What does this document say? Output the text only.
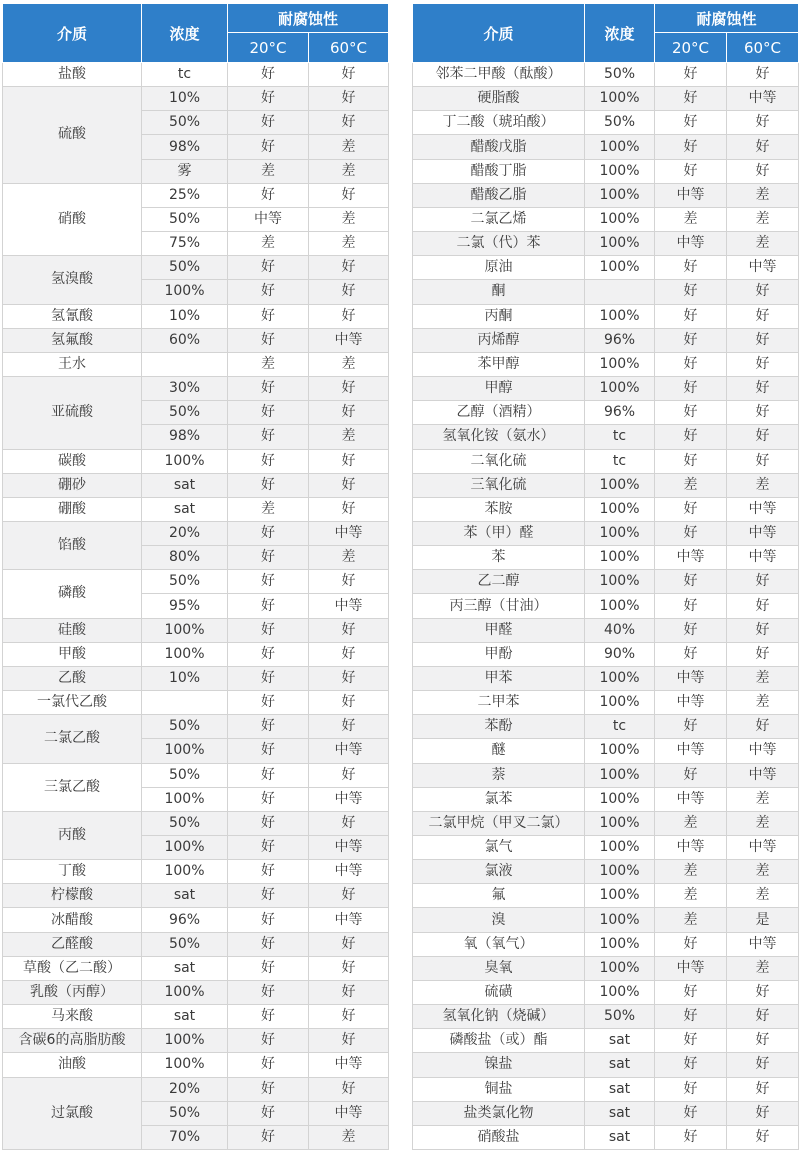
介质	浓度	耐腐蚀性	
		20°C	60°C
盐酸	tc	好	好
硫酸	10%	好	好
	50%	好	好
	98%	好	差
	雾	差	差
硝酸	25%	好	好
	50%	中等	差
	75%	差	差
氢溴酸	50%	好	好
	100%	好	好
氢氰酸	10%	好	好
氢氟酸	60%	好	中等
王水		差	差
亚硫酸	30%	好	好
	50%	好	好
	98%	好	差
碳酸	100%	好	好
硼砂	sat	好	好
硼酸	sat	差	好
馅酸	20%	好	中等
	80%	好	差
磷酸	50%	好	好
	95%	好	中等
硅酸	100%	好	好
甲酸	100%	好	好
乙酸	10%	好	好
一氯代乙酸		好	好
二氯乙酸	50%	好	好
	100%	好	中等
三氯乙酸	50%	好	好
	100%	好	中等
丙酸	50%	好	好
	100%	好	中等
丁酸	100%	好	中等
柠檬酸	sat	好	好
冰醋酸	96%	好	中等
乙醛酸	50%	好	好
草酸（乙二酸）	sat	好	好
乳酸（丙醇）	100%	好	好
马来酸	sat	好	好
含碳6的高脂肪酸	100%	好	好
油酸	100%	好	中等
过氯酸	20%	好	好
	50%	好	中等
	70%	好	差
介质	浓度	耐腐蚀性	
		20°C	60°C
邻苯二甲酸（酞酸）	50%	好	好
硬脂酸	100%	好	中等
丁二酸（琥珀酸）	50%	好	好
醋酸戊脂	100%	好	好
醋酸丁脂	100%	好	好
醋酸乙脂	100%	中等	差
二氯乙烯	100%	差	差
二氯（代）苯	100%	中等	差
原油	100%	好	中等
酮		好	好
丙酮	100%	好	好
丙烯醇	96%	好	好
苯甲醇	100%	好	好
甲醇	100%	好	好
乙醇（酒精）	96%	好	好
氢氧化铵（氨水）	tc	好	好
二氧化硫	tc	好	好
三氧化硫	100%	差	差
苯胺	100%	好	中等
苯（甲）醛	100%	好	中等
苯	100%	中等	中等
乙二醇	100%	好	好
丙三醇（甘油）	100%	好	好
甲醛	40%	好	好
甲酚	90%	好	好
甲苯	100%	中等	差
二甲苯	100%	中等	差
苯酚	tc	好	好
醚	100%	中等	中等
萘	100%	好	中等
氯苯	100%	中等	差
二氯甲烷（甲叉二氯）	100%	差	差
氯气	100%	中等	中等
氯液	100%	差	差
氟	100%	差	差
溴	100%	差	是
氧（氧气）	100%	好	中等
臭氧	100%	中等	差
硫磺	100%	好	好
氢氧化钠（烧碱）	50%	好	好
磷酸盐（或）酯	sat	好	好
镍盐	sat	好	好
铜盐	sat	好	好
盐类氯化物	sat	好	好
硝酸盐	sat	好	好
